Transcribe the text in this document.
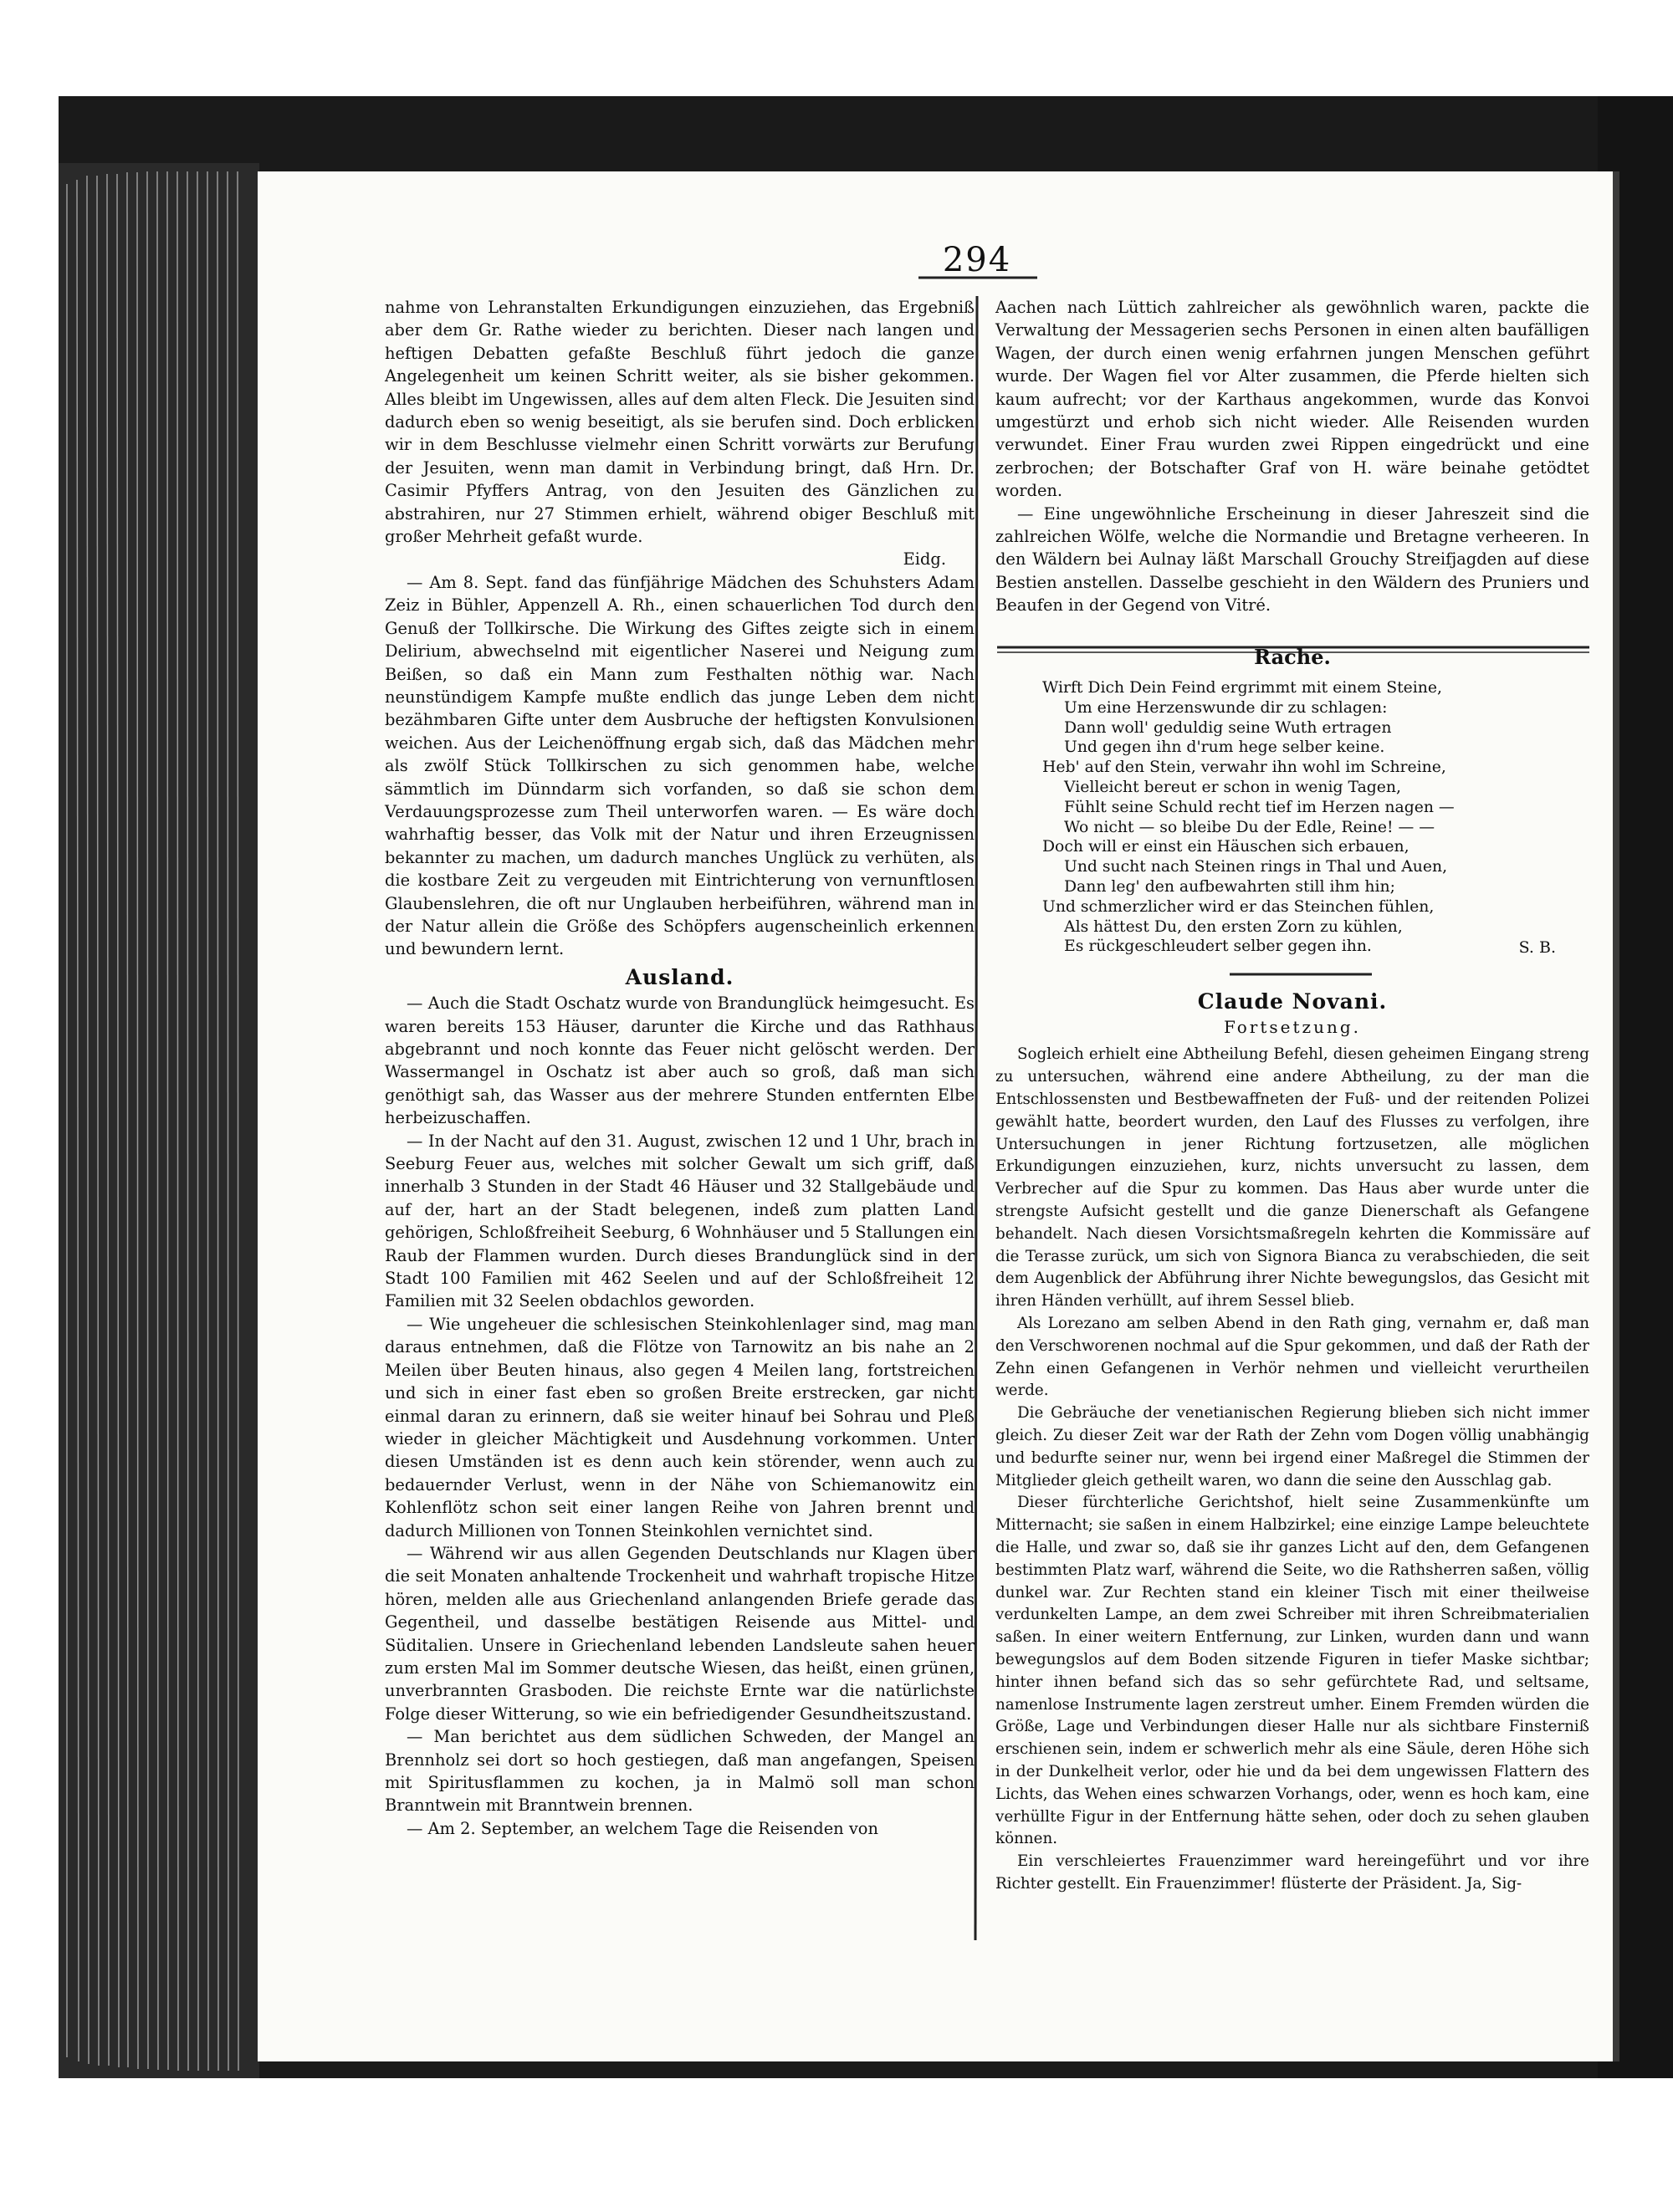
294

nahme von Lehranstalten Erkundigungen einzuziehen, das Ergebniß aber dem Gr. Rathe wieder zu berichten. Dieser nach langen und heftigen Debatten gefaßte Beschluß führt jedoch die ganze Angelegenheit um keinen Schritt weiter, als sie bisher gekommen. Alles bleibt im Ungewissen, alles auf dem alten Fleck. Die Jesuiten sind dadurch eben so wenig beseitigt, als sie berufen sind. Doch erblicken wir in dem Beschlusse vielmehr einen Schritt vorwärts zur Berufung der Jesuiten, wenn man damit in Verbindung bringt, daß Hrn. Dr. Casimir Pfyffers Antrag, von den Jesuiten des Gänzlichen zu abstrahiren, nur 27 Stimmen erhielt, während obiger Beschluß mit großer Mehrheit gefaßt wurde.

Eidg.

— Am 8. Sept. fand das fünfjährige Mädchen des Schuhsters Adam Zeiz in Bühler, Appenzell A. Rh., einen schauerlichen Tod durch den Genuß der Tollkirsche. Die Wirkung des Giftes zeigte sich in einem Delirium, abwechselnd mit eigentlicher Naserei und Neigung zum Beißen, so daß ein Mann zum Festhalten nöthig war. Nach neunstündigem Kampfe mußte endlich das junge Leben dem nicht bezähmbaren Gifte unter dem Ausbruche der heftigsten Konvulsionen weichen. Aus der Leichenöffnung ergab sich, daß das Mädchen mehr als zwölf Stück Tollkirschen zu sich genommen habe, welche sämmtlich im Dünndarm sich vorfanden, so daß sie schon dem Verdauungsprozesse zum Theil unterworfen waren. — Es wäre doch wahrhaftig besser, das Volk mit der Natur und ihren Erzeugnissen bekannter zu machen, um dadurch manches Unglück zu verhüten, als die kostbare Zeit zu vergeuden mit Eintrichterung von vernunftlosen Glaubenslehren, die oft nur Unglauben herbeiführen, während man in der Natur allein die Größe des Schöpfers augenscheinlich erkennen und bewundern lernt.

Ausland.

— Auch die Stadt Oschatz wurde von Brandunglück heimgesucht. Es waren bereits 153 Häuser, darunter die Kirche und das Rathhaus abgebrannt und noch konnte das Feuer nicht gelöscht werden. Der Wassermangel in Oschatz ist aber auch so groß, daß man sich genöthigt sah, das Wasser aus der mehrere Stunden entfernten Elbe herbeizuschaffen.

— In der Nacht auf den 31. August, zwischen 12 und 1 Uhr, brach in Seeburg Feuer aus, welches mit solcher Gewalt um sich griff, daß innerhalb 3 Stunden in der Stadt 46 Häuser und 32 Stallgebäude und auf der, hart an der Stadt belegenen, indeß zum platten Land gehörigen, Schloßfreiheit Seeburg, 6 Wohnhäuser und 5 Stallungen ein Raub der Flammen wurden. Durch dieses Brandunglück sind in der Stadt 100 Familien mit 462 Seelen und auf der Schloßfreiheit 12 Familien mit 32 Seelen obdachlos geworden.

— Wie ungeheuer die schlesischen Steinkohlenlager sind, mag man daraus entnehmen, daß die Flötze von Tarnowitz an bis nahe an 2 Meilen über Beuten hinaus, also gegen 4 Meilen lang, fortstreichen und sich in einer fast eben so großen Breite erstrecken, gar nicht einmal daran zu erinnern, daß sie weiter hinauf bei Sohrau und Pleß wieder in gleicher Mächtigkeit und Ausdehnung vorkommen. Unter diesen Umständen ist es denn auch kein störender, wenn auch zu bedauernder Verlust, wenn in der Nähe von Schiemanowitz ein Kohlenflötz schon seit einer langen Reihe von Jahren brennt und dadurch Millionen von Tonnen Steinkohlen vernichtet sind.

— Während wir aus allen Gegenden Deutschlands nur Klagen über die seit Monaten anhaltende Trockenheit und wahrhaft tropische Hitze hören, melden alle aus Griechenland anlangenden Briefe gerade das Gegentheil, und dasselbe bestätigen Reisende aus Mittel- und Süditalien. Unsere in Griechenland lebenden Landsleute sahen heuer zum ersten Mal im Sommer deutsche Wiesen, das heißt, einen grünen, unverbrannten Grasboden. Die reichste Ernte war die natürlichste Folge dieser Witterung, so wie ein befriedigender Gesundheitszustand.

— Man berichtet aus dem südlichen Schweden, der Mangel an Brennholz sei dort so hoch gestiegen, daß man angefangen, Speisen mit Spiritusflammen zu kochen, ja in Malmö soll man schon Branntwein mit Branntwein brennen.

— Am 2. September, an welchem Tage die Reisenden von

Aachen nach Lüttich zahlreicher als gewöhnlich waren, packte die Verwaltung der Messagerien sechs Personen in einen alten baufälligen Wagen, der durch einen wenig erfahrnen jungen Menschen geführt wurde. Der Wagen fiel vor Alter zusammen, die Pferde hielten sich kaum aufrecht; vor der Karthaus angekommen, wurde das Konvoi umgestürzt und erhob sich nicht wieder. Alle Reisenden wurden verwundet. Einer Frau wurden zwei Rippen eingedrückt und eine zerbrochen; der Botschafter Graf von H. wäre beinahe getödtet worden.

— Eine ungewöhnliche Erscheinung in dieser Jahreszeit sind die zahlreichen Wölfe, welche die Normandie und Bretagne verheeren. In den Wäldern bei Aulnay läßt Marschall Grouchy Streifjagden auf diese Bestien anstellen. Dasselbe geschieht in den Wäldern des Pruniers und Beaufen in der Gegend von Vitré.

Rache.
Wirft Dich Dein Feind ergrimmt mit einem Steine,
Um eine Herzenswunde dir zu schlagen:
Dann woll' geduldig seine Wuth ertragen
Und gegen ihn d'rum hege selber keine.
Heb' auf den Stein, verwahr ihn wohl im Schreine,
Vielleicht bereut er schon in wenig Tagen,
Fühlt seine Schuld recht tief im Herzen nagen —
Wo nicht — so bleibe Du der Edle, Reine! — —
Doch will er einst ein Häuschen sich erbauen,
Und sucht nach Steinen rings in Thal und Auen,
Dann leg' den aufbewahrten still ihm hin;
Und schmerzlicher wird er das Steinchen fühlen,
Als hättest Du, den ersten Zorn zu kühlen,
Es rückgeschleudert selber gegen ihn.	S. B.
Claude Novani.
Fortsetzung.

Sogleich erhielt eine Abtheilung Befehl, diesen geheimen Eingang streng zu untersuchen, während eine andere Abtheilung, zu der man die Entschlossensten und Bestbewaffneten der Fuß- und der reitenden Polizei gewählt hatte, beordert wurden, den Lauf des Flusses zu verfolgen, ihre Untersuchungen in jener Richtung fortzusetzen, alle möglichen Erkundigungen einzuziehen, kurz, nichts unversucht zu lassen, dem Verbrecher auf die Spur zu kommen. Das Haus aber wurde unter die strengste Aufsicht gestellt und die ganze Dienerschaft als Gefangene behandelt. Nach diesen Vorsichtsmaßregeln kehrten die Kommissäre auf die Terasse zurück, um sich von Signora Bianca zu verabschieden, die seit dem Augenblick der Abführung ihrer Nichte bewegungslos, das Gesicht mit ihren Händen verhüllt, auf ihrem Sessel blieb.

Als Lorezano am selben Abend in den Rath ging, vernahm er, daß man den Verschworenen nochmal auf die Spur gekommen, und daß der Rath der Zehn einen Gefangenen in Verhör nehmen und vielleicht verurtheilen werde.

Die Gebräuche der venetianischen Regierung blieben sich nicht immer gleich. Zu dieser Zeit war der Rath der Zehn vom Dogen völlig unabhängig und bedurfte seiner nur, wenn bei irgend einer Maßregel die Stimmen der Mitglieder gleich getheilt waren, wo dann die seine den Ausschlag gab.

Dieser fürchterliche Gerichtshof, hielt seine Zusammenkünfte um Mitternacht; sie saßen in einem Halbzirkel; eine einzige Lampe beleuchtete die Halle, und zwar so, daß sie ihr ganzes Licht auf den, dem Gefangenen bestimmten Platz warf, während die Seite, wo die Rathsherren saßen, völlig dunkel war. Zur Rechten stand ein kleiner Tisch mit einer theilweise verdunkelten Lampe, an dem zwei Schreiber mit ihren Schreibmaterialien saßen. In einer weitern Entfernung, zur Linken, wurden dann und wann bewegungslos auf dem Boden sitzende Figuren in tiefer Maske sichtbar; hinter ihnen befand sich das so sehr gefürchtete Rad, und seltsame, namenlose Instrumente lagen zerstreut umher. Einem Fremden würden die Größe, Lage und Verbindungen dieser Halle nur als sichtbare Finsterniß erschienen sein, indem er schwerlich mehr als eine Säule, deren Höhe sich in der Dunkelheit verlor, oder hie und da bei dem ungewissen Flattern des Lichts, das Wehen eines schwarzen Vorhangs, oder, wenn es hoch kam, eine verhüllte Figur in der Entfernung hätte sehen, oder doch zu sehen glauben können.

Ein verschleiertes Frauenzimmer ward hereingeführt und vor ihre Richter gestellt. Ein Frauenzimmer! flüsterte der Präsident. Ja, Sig-
